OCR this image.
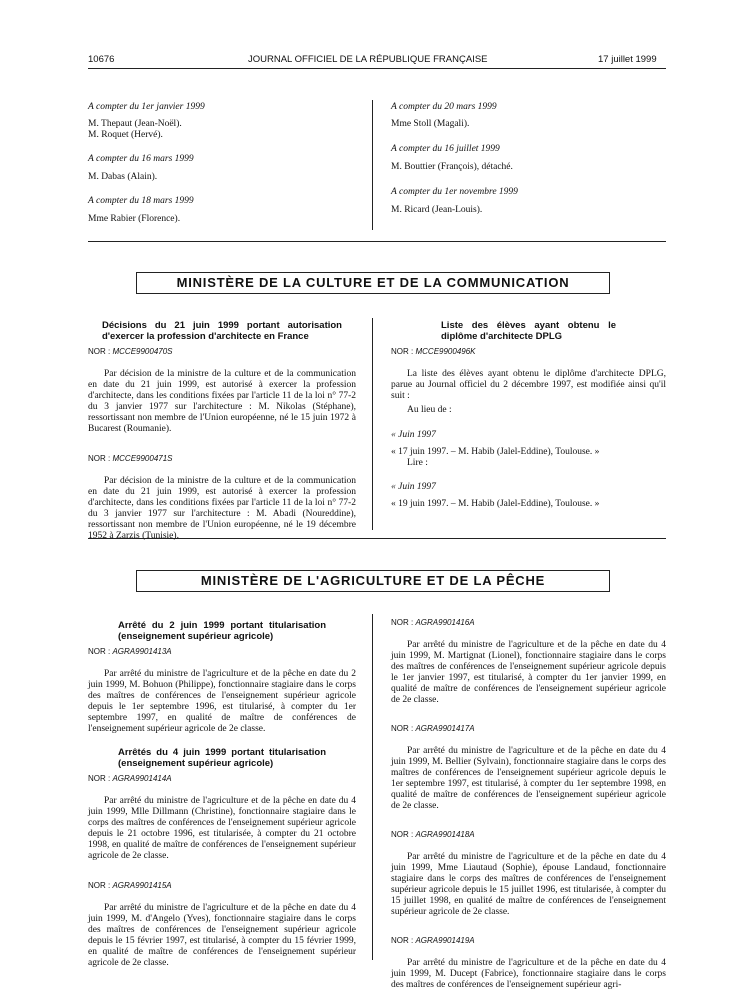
10676	JOURNAL OFFICIEL DE LA RÉPUBLIQUE FRANÇAISE	17 juillet 1999

A compter du 1er janvier 1999

M. Thepaut (Jean-Noël).

M. Roquet (Hervé).

A compter du 16 mars 1999

M. Dabas (Alain).

A compter du 18 mars 1999

Mme Rabier (Florence).

A compter du 20 mars 1999

Mme Stoll (Magali).

A compter du 16 juillet 1999

M. Bouttier (François), détaché.

A compter du 1er novembre 1999

M. Ricard (Jean-Louis).

MINISTÈRE DE LA CULTURE ET DE LA COMMUNICATION

Décisions du 21 juin 1999 portant autorisation d'exercer la profession d'architecte en France

NOR : MCCE9900470S

Par décision de la ministre de la culture et de la communication en date du 21 juin 1999, est autorisé à exercer la profession d'architecte, dans les conditions fixées par l'article 11 de la loi n° 77-2 du 3 janvier 1977 sur l'architecture : M. Nikolas (Stéphane), ressortissant non membre de l'Union européenne, né le 15 juin 1972 à Bucarest (Roumanie).

NOR : MCCE9900471S

Par décision de la ministre de la culture et de la communication en date du 21 juin 1999, est autorisé à exercer la profession d'architecte, dans les conditions fixées par l'article 11 de la loi n° 77-2 du 3 janvier 1977 sur l'architecture : M. Abadi (Noureddine), ressortissant non membre de l'Union européenne, né le 19 décembre 1952 à Zarzis (Tunisie).

Liste des élèves ayant obtenu le diplôme d'architecte DPLG

NOR : MCCE9900496K

La liste des élèves ayant obtenu le diplôme d'architecte DPLG, parue au Journal officiel du 2 décembre 1997, est modifiée ainsi qu'il suit :

Au lieu de :

« Juin 1997

« 17 juin 1997. – M. Habib (Jalel-Eddine), Toulouse. »

Lire :

« Juin 1997

« 19 juin 1997. – M. Habib (Jalel-Eddine), Toulouse. »

MINISTÈRE DE L'AGRICULTURE ET DE LA PÊCHE

Arrêté du 2 juin 1999 portant titularisation (enseignement supérieur agricole)

NOR : AGRA9901413A

Par arrêté du ministre de l'agriculture et de la pêche en date du 2 juin 1999, M. Bohuon (Philippe), fonctionnaire stagiaire dans le corps des maîtres de conférences de l'enseignement supérieur agricole depuis le 1er septembre 1996, est titularisé, à compter du 1er septembre 1997, en qualité de maître de conférences de l'enseignement supérieur agricole de 2e classe.

Arrêtés du 4 juin 1999 portant titularisation (enseignement supérieur agricole)

NOR : AGRA9901414A

Par arrêté du ministre de l'agriculture et de la pêche en date du 4 juin 1999, Mlle Dillmann (Christine), fonctionnaire stagiaire dans le corps des maîtres de conférences de l'enseignement supérieur agricole depuis le 21 octobre 1996, est titularisée, à compter du 21 octobre 1998, en qualité de maître de conférences de l'enseignement supérieur agricole de 2e classe.

NOR : AGRA9901415A

Par arrêté du ministre de l'agriculture et de la pêche en date du 4 juin 1999, M. d'Angelo (Yves), fonctionnaire stagiaire dans le corps des maîtres de conférences de l'enseignement supérieur agricole depuis le 15 février 1997, est titularisé, à compter du 15 février 1999, en qualité de maître de conférences de l'enseignement supérieur agricole de 2e classe.

NOR : AGRA9901416A

Par arrêté du ministre de l'agriculture et de la pêche en date du 4 juin 1999, M. Martignat (Lionel), fonctionnaire stagiaire dans le corps des maîtres de conférences de l'enseignement supérieur agricole depuis le 1er janvier 1997, est titularisé, à compter du 1er janvier 1999, en qualité de maître de conférences de l'enseignement supérieur agricole de 2e classe.

NOR : AGRA9901417A

Par arrêté du ministre de l'agriculture et de la pêche en date du 4 juin 1999, M. Bellier (Sylvain), fonctionnaire stagiaire dans le corps des maîtres de conférences de l'enseignement supérieur agricole depuis le 1er septembre 1997, est titularisé, à compter du 1er septembre 1998, en qualité de maître de conférences de l'enseignement supérieur agricole de 2e classe.

NOR : AGRA9901418A

Par arrêté du ministre de l'agriculture et de la pêche en date du 4 juin 1999, Mme Liautaud (Sophie), épouse Landaud, fonctionnaire stagiaire dans le corps des maîtres de conférences de l'enseignement supérieur agricole depuis le 15 juillet 1996, est titularisée, à compter du 15 juillet 1998, en qualité de maître de conférences de l'enseignement supérieur agricole de 2e classe.

NOR : AGRA9901419A

Par arrêté du ministre de l'agriculture et de la pêche en date du 4 juin 1999, M. Ducept (Fabrice), fonctionnaire stagiaire dans le corps des maîtres de conférences de l'enseignement supérieur agri-
